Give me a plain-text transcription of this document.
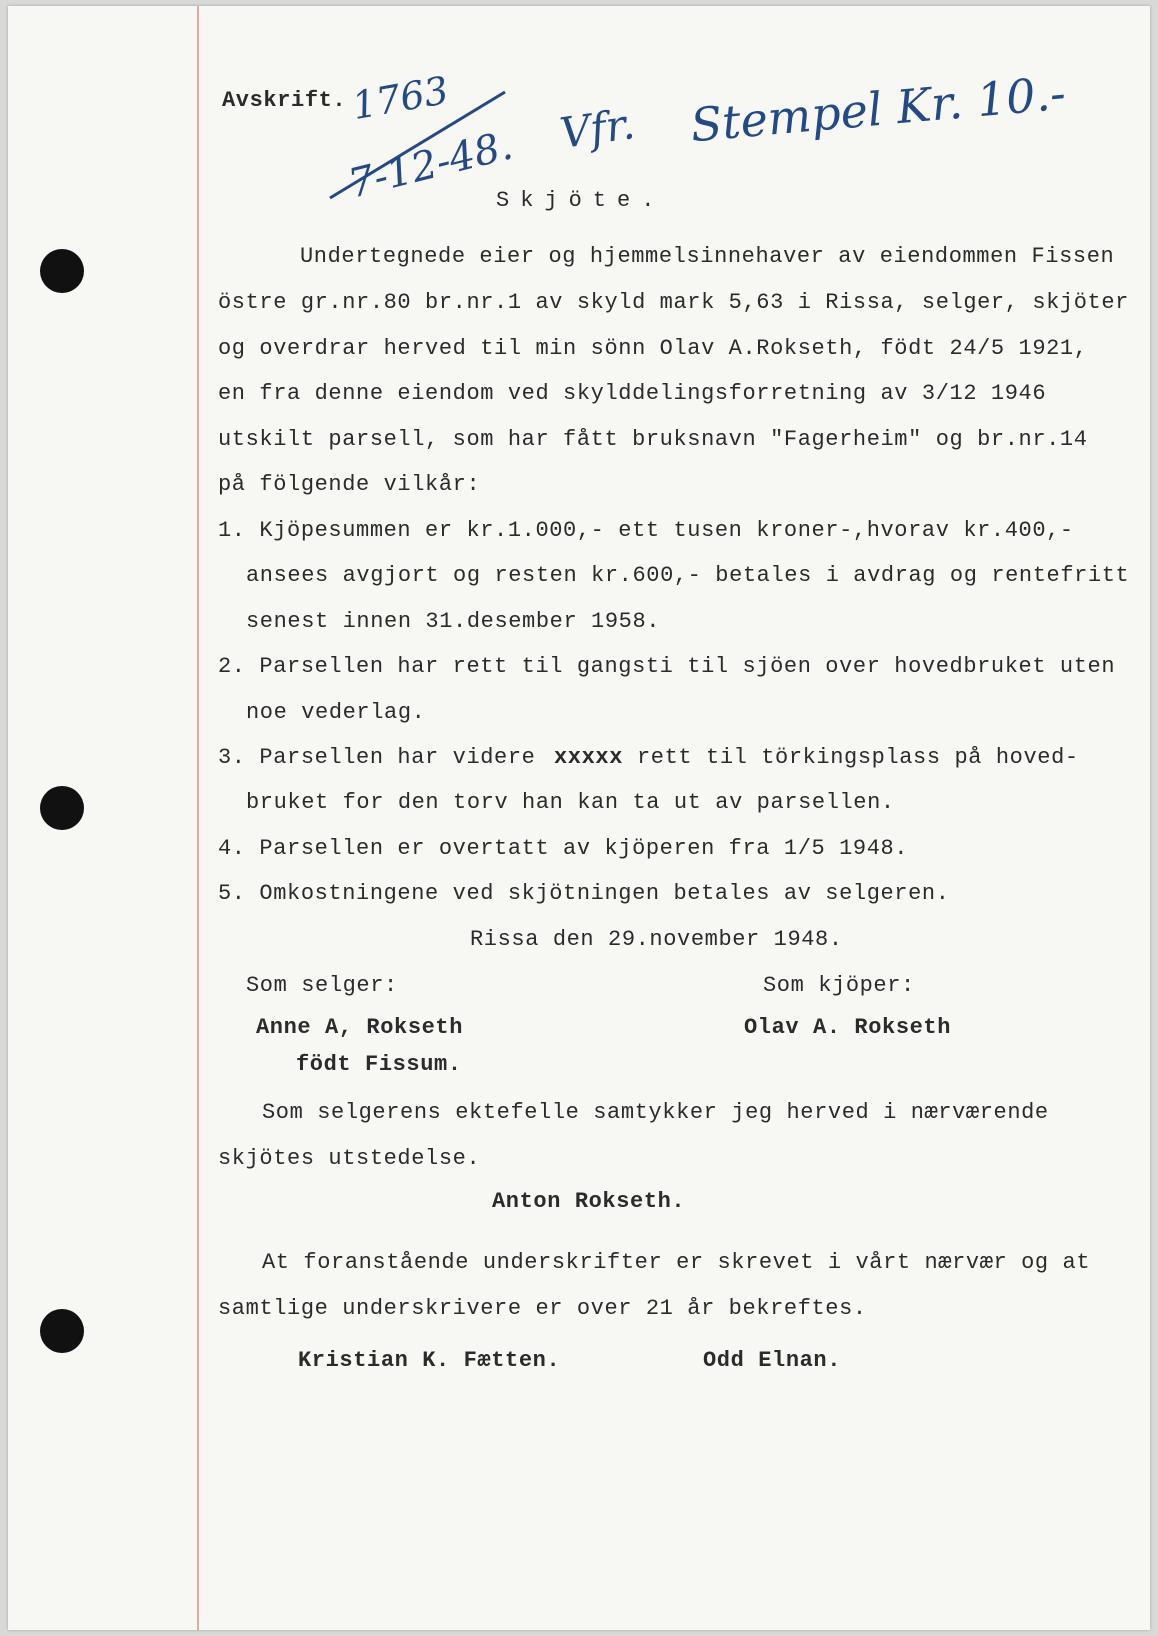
Avskrift. 1763
7-12-48. Vfr. Stempel Kr. 10.-
Skjöte.
Undertegnede eier og hjemmelsinnehaver av eiendommen Fissen
östre gr.nr.80 br.nr.1 av skyld mark 5,63 i Rissa, selger, skjöter
og overdrar herved til min sönn Olav A.Rokseth, födt 24/5 1921,
en fra denne eiendom ved skylddelingsforretning av 3/12 1946
utskilt parsell, som har fått bruksnavn "Fagerheim" og br.nr.14
på fölgende vilkår:
1. Kjöpesummen er kr.1.000,- ett tusen kroner-,hvorav kr.400,-
ansees avgjort og resten kr.600,- betales i avdrag og rentefritt
senest innen 31.desember 1958.
2. Parsellen har rett til gangsti til sjöen over hovedbruket uten
noe vederlag.
3. Parsellen har videre xxxxx rett til törkingsplass på hoved-
bruket for den torv han kan ta ut av parsellen.
4. Parsellen er overtatt av kjöperen fra 1/5 1948.
5. Omkostningene ved skjötningen betales av selgeren.
Rissa den 29.november 1948.
Som selger:	Som kjöper:
Anne A, Rokseth	Olav A. Rokseth
födt Fissum.
Som selgerens ektefelle samtykker jeg herved i nærværende
skjötes utstedelse.
Anton Rokseth.
At foranstående underskrifter er skrevet i vårt nærvær og at
samtlige underskrivere er over 21 år bekreftes.
Kristian K. Fætten.	Odd Elnan.
